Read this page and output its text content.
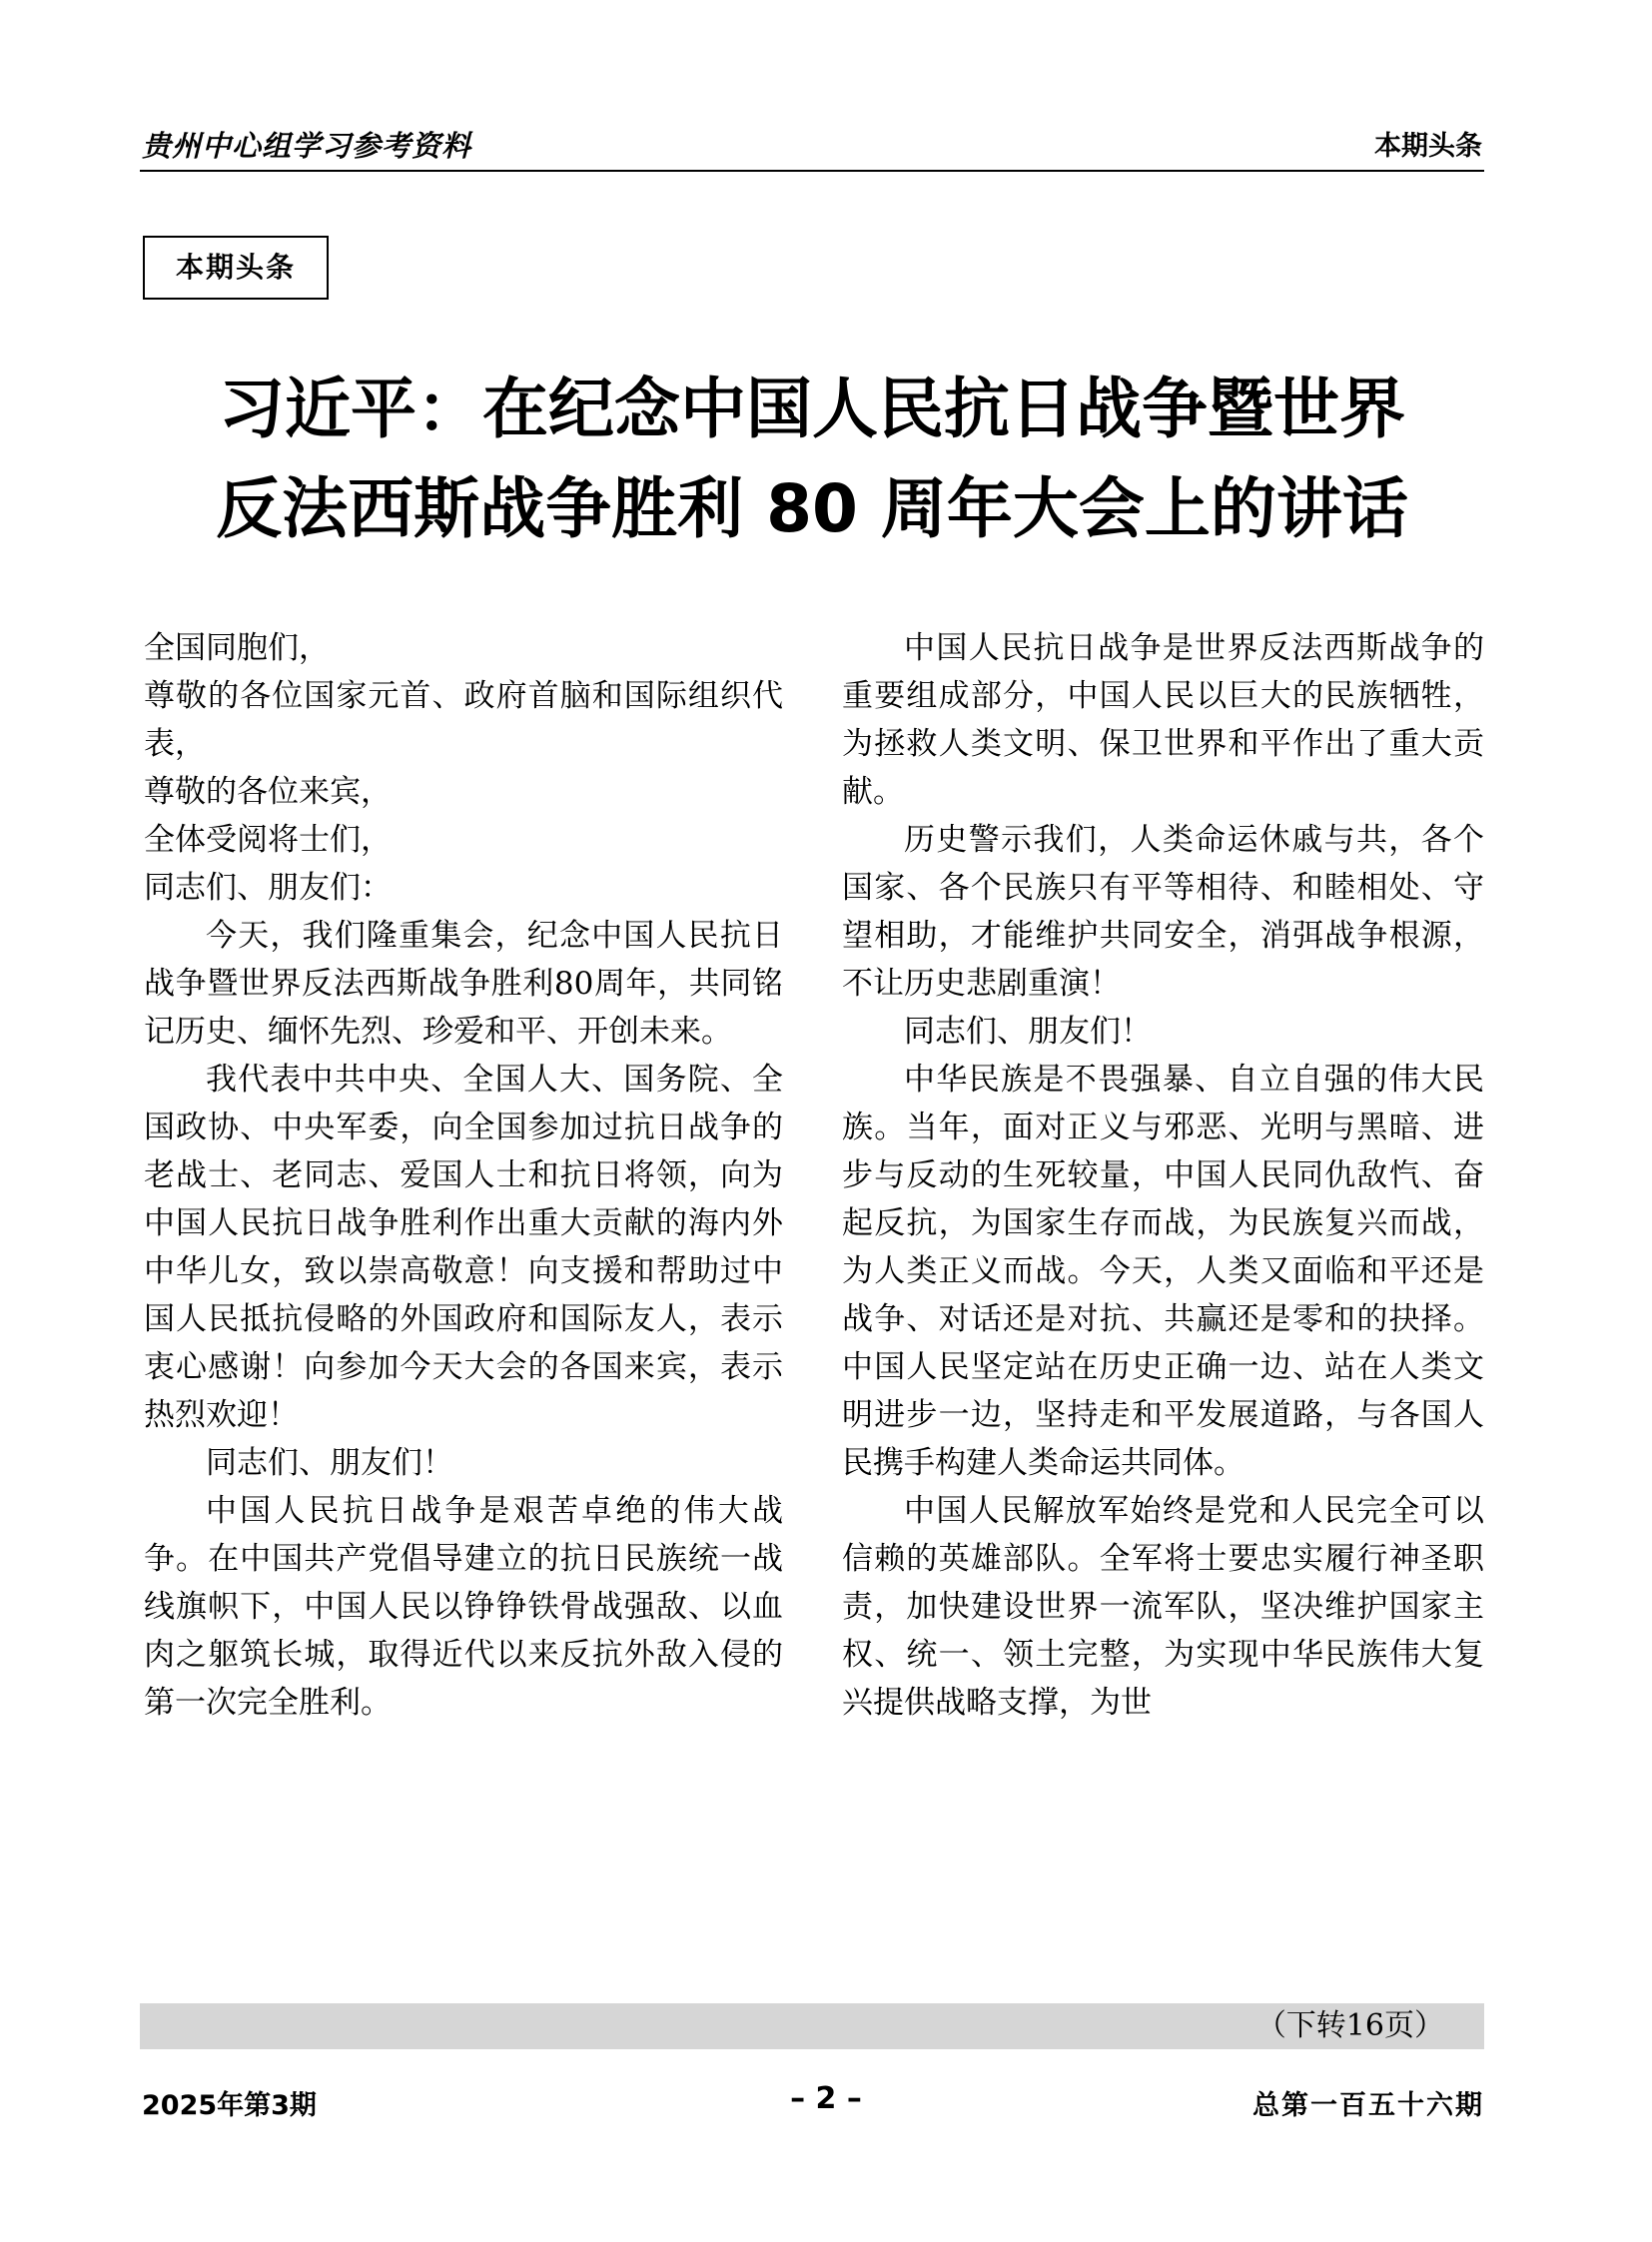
贵州中心组学习参考资料	本期头条
本期头条
习近平：在纪念中国人民抗日战争暨世界
反法西斯战争胜利 80 周年大会上的讲话

全国同胞们，

尊敬的各位国家元首、政府首脑和国际组织代表，

尊敬的各位来宾，

全体受阅将士们，

同志们、朋友们：

今天，我们隆重集会，纪念中国人民抗日战争暨世界反法西斯战争胜利80周年，共同铭记历史、缅怀先烈、珍爱和平、开创未来。

我代表中共中央、全国人大、国务院、全国政协、中央军委，向全国参加过抗日战争的老战士、老同志、爱国人士和抗日将领，向为中国人民抗日战争胜利作出重大贡献的海内外中华儿女，致以崇高敬意！向支援和帮助过中国人民抵抗侵略的外国政府和国际友人，表示衷心感谢！向参加今天大会的各国来宾，表示热烈欢迎！

同志们、朋友们！

中国人民抗日战争是艰苦卓绝的伟大战争。在中国共产党倡导建立的抗日民族统一战线旗帜下，中国人民以铮铮铁骨战强敌、以血肉之躯筑长城，取得近代以来反抗外敌入侵的第一次完全胜利。

中国人民抗日战争是世界反法西斯战争的重要组成部分，中国人民以巨大的民族牺牲，为拯救人类文明、保卫世界和平作出了重大贡献。

历史警示我们，人类命运休戚与共，各个国家、各个民族只有平等相待、和睦相处、守望相助，才能维护共同安全，消弭战争根源，不让历史悲剧重演！

同志们、朋友们！

中华民族是不畏强暴、自立自强的伟大民族。当年，面对正义与邪恶、光明与黑暗、进步与反动的生死较量，中国人民同仇敌忾、奋起反抗，为国家生存而战，为民族复兴而战，为人类正义而战。今天，人类又面临和平还是战争、对话还是对抗、共赢还是零和的抉择。中国人民坚定站在历史正确一边、站在人类文明进步一边，坚持走和平发展道路，与各国人民携手构建人类命运共同体。

中国人民解放军始终是党和人民完全可以信赖的英雄部队。全军将士要忠实履行神圣职责，加快建设世界一流军队，坚决维护国家主权、统一、领土完整，为实现中华民族伟大复兴提供战略支撑，为世

（下转16页）
2025年第3期	– 2 –	总第一百五十六期
